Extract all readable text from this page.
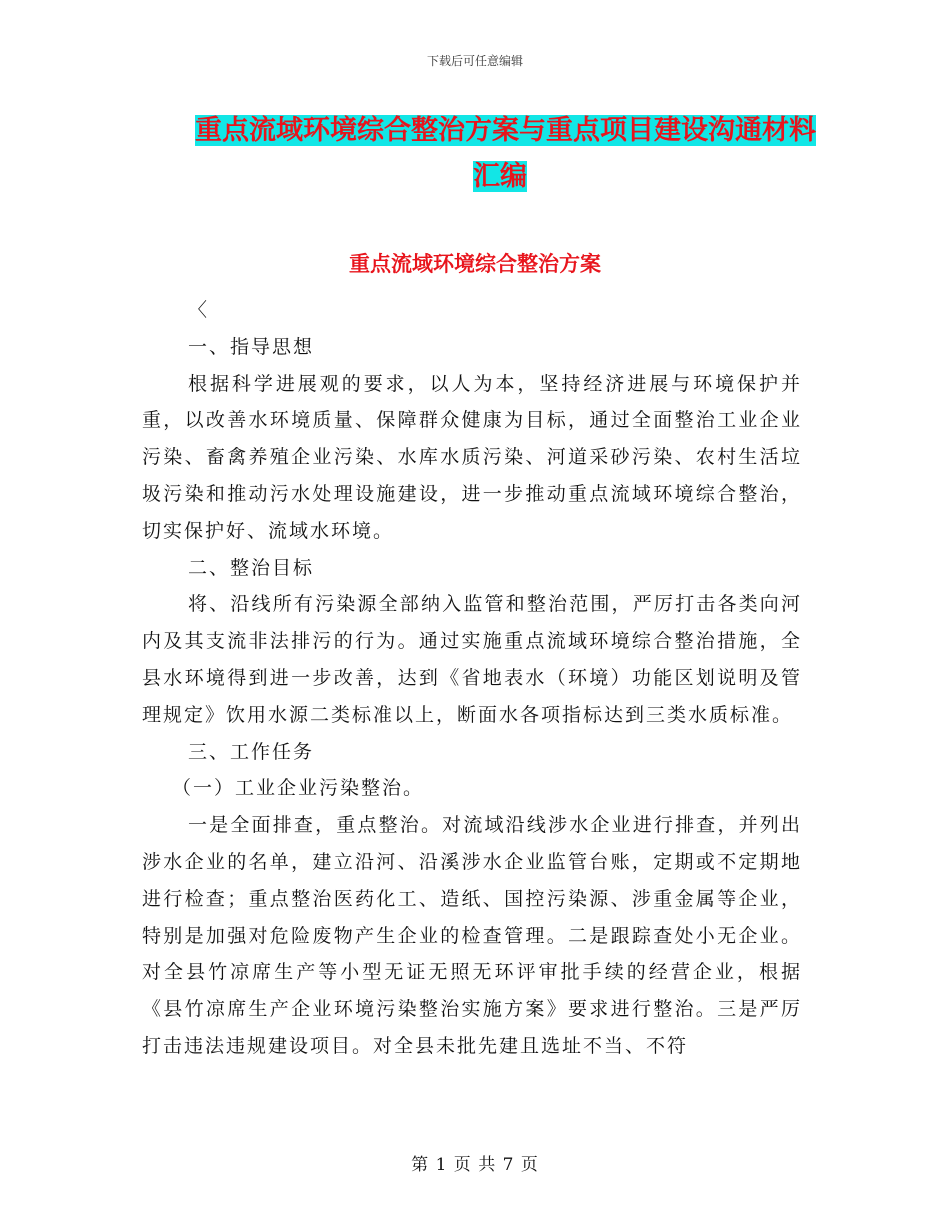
下载后可任意编辑
重点流域环境综合整治方案与重点项目建设沟通材料
汇编
重点流域环境综合整治方案

〈

一、指导思想

根据科学进展观的要求，以人为本，坚持经济进展与环境保护并重，以改善水环境质量、保障群众健康为目标，通过全面整治工业企业污染、畜禽养殖企业污染、水库水质污染、河道采砂污染、农村生活垃圾污染和推动污水处理设施建设，进一步推动重点流域环境综合整治，切实保护好、流域水环境。

二、整治目标

将、沿线所有污染源全部纳入监管和整治范围，严厉打击各类向河内及其支流非法排污的行为。通过实施重点流域环境综合整治措施，全县水环境得到进一步改善，达到《省地表水（环境）功能区划说明及管理规定》饮用水源二类标准以上，断面水各项指标达到三类水质标准。

三、工作任务

（一）工业企业污染整治。

一是全面排查，重点整治。对流域沿线涉水企业进行排查，并列出涉水企业的名单，建立沿河、沿溪涉水企业监管台账，定期或不定期地进行检查；重点整治医药化工、造纸、国控污染源、涉重金属等企业，特别是加强对危险废物产生企业的检查管理。二是跟踪查处小无企业。对全县竹凉席生产等小型无证无照无环评审批手续的经营企业，根据《县竹凉席生产企业环境污染整治实施方案》要求进行整治。三是严厉打击违法违规建设项目。对全县未批先建且选址不当、不符

第 1 页 共 7 页
